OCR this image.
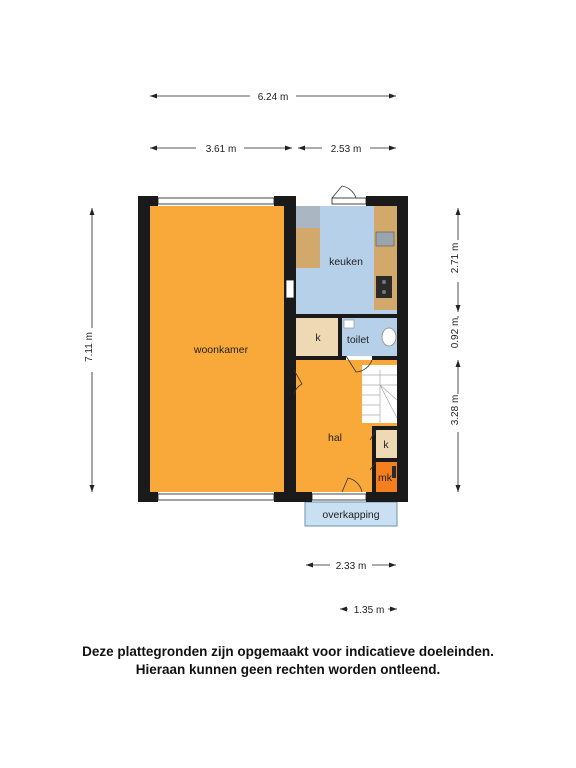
6.24 m
3.61 m	2.53 m
7.11 m
2.71 m
0.92 m
3.28 m
2.33 m
1.35 m
woonkamer
keuken
k	toilet
hal
k
mk
overkapping
Deze plattegronden zijn opgemaakt voor indicatieve doeleinden.
Hieraan kunnen geen rechten worden ontleend.
